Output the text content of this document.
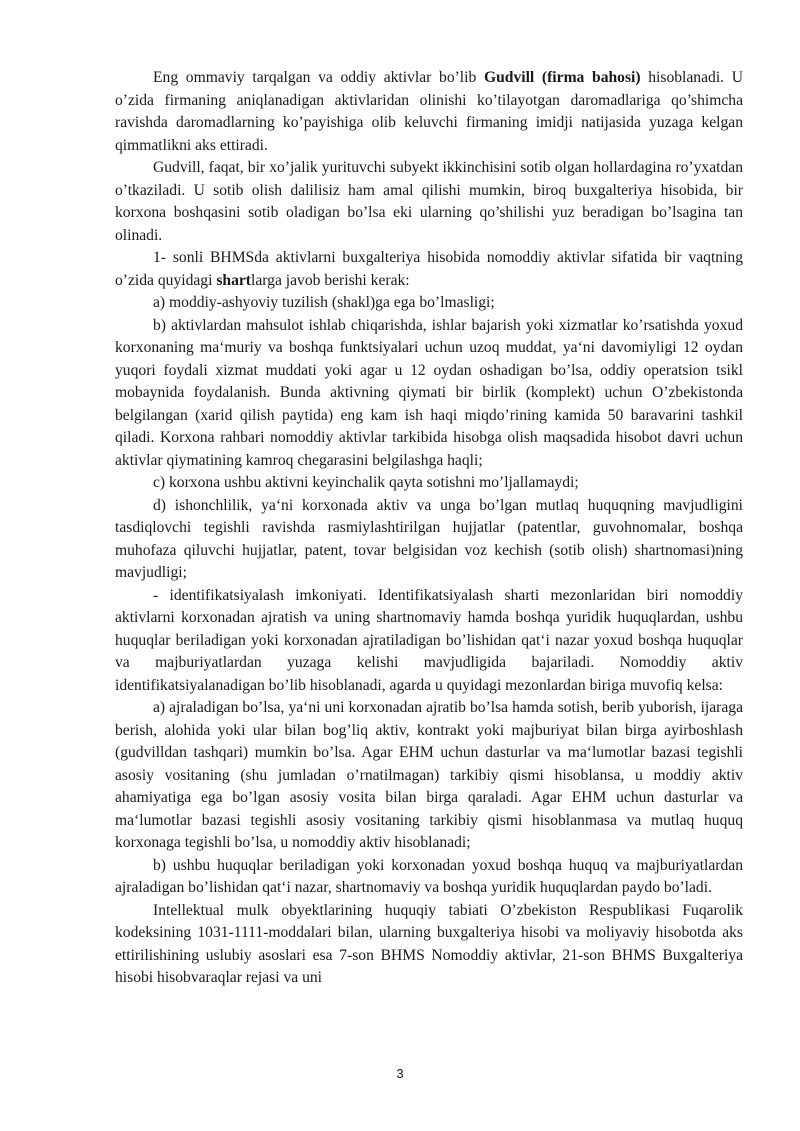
Eng ommaviy tarqalgan va oddiy aktivlar bo’lib Gudvill (firma bahosi) hisoblanadi. U o’zida firmaning aniqlanadigan aktivlaridan olinishi ko’tilayotgan daromadlariga qo’shimcha ravishda daromadlarning ko’payishiga olib keluvchi firmaning imidji natijasida yuzaga kelgan qimmatlikni aks ettiradi.

Gudvill, faqat, bir xo’jalik yurituvchi subyekt ikkinchisini sotib olgan hollardagina ro’yxatdan o’tkaziladi. U sotib olish dalilisiz ham amal qilishi mumkin, biroq buxgalteriya hisobida, bir korxona boshqasini sotib oladigan bo’lsa eki ularning qo’shilishi yuz beradigan bo’lsagina tan olinadi.

1- sonli BHMSda aktivlarni buxgalteriya hisobida nomoddiy aktivlar sifatida bir vaqtning o’zida quyidagi shartlarga javob berishi kerak:

a) moddiy-ashyoviy tuzilish (shakl)ga ega bo’lmasligi;

b) aktivlardan mahsulot ishlab chiqarishda, ishlar bajarish yoki xizmatlar ko’rsatishda yoxud korxonaning ma‘muriy va boshqa funktsiyalari uchun uzoq muddat, ya‘ni davomiyligi 12 oydan yuqori foydali xizmat muddati yoki agar u 12 oydan oshadigan bo’lsa, oddiy operatsion tsikl mobaynida foydalanish. Bunda aktivning qiymati bir birlik (komplekt) uchun O’zbekistonda belgilangan (xarid qilish paytida) eng kam ish haqi miqdo’rining kamida 50 baravarini tashkil qiladi. Korxona rahbari nomoddiy aktivlar tarkibida hisobga olish maqsadida hisobot davri uchun aktivlar qiymatining kamroq chegarasini belgilashga haqli;

c) korxona ushbu aktivni keyinchalik qayta sotishni mo’ljallamaydi;

d) ishonchlilik, ya‘ni korxonada aktiv va unga bo’lgan mutlaq huquqning mavjudligini tasdiqlovchi tegishli ravishda rasmiylashtirilgan hujjatlar (patentlar, guvohnomalar, boshqa muhofaza qiluvchi hujjatlar, patent, tovar belgisidan voz kechish (sotib olish) shartnomasi)ning mavjudligi;

- identifikatsiyalash imkoniyati. Identifikatsiyalash sharti mezonlaridan biri nomoddiy aktivlarni korxonadan ajratish va uning shartnomaviy hamda boshqa yuridik huquqlardan, ushbu huquqlar beriladigan yoki korxonadan ajratiladigan bo’lishidan qat‘i nazar yoxud boshqa huquqlar va majburiyatlardan yuzaga kelishi mavjudligida bajariladi. Nomoddiy aktiv identifikatsiyalanadigan bo’lib hisoblanadi, agarda u quyidagi mezonlardan biriga muvofiq kelsa:

a) ajraladigan bo’lsa, ya‘ni uni korxonadan ajratib bo’lsa hamda sotish, berib yuborish, ijaraga berish, alohida yoki ular bilan bog’liq aktiv, kontrakt yoki majburiyat bilan birga ayirboshlash (gudvilldan tashqari) mumkin bo’lsa. Agar EHM uchun dasturlar va ma‘lumotlar bazasi tegishli asosiy vositaning (shu jumladan o’rnatilmagan) tarkibiy qismi hisoblansa, u moddiy aktiv ahamiyatiga ega bo’lgan asosiy vosita bilan birga qaraladi. Agar EHM uchun dasturlar va ma‘lumotlar bazasi tegishli asosiy vositaning tarkibiy qismi hisoblanmasa va mutlaq huquq korxonaga tegishli bo’lsa, u nomoddiy aktiv hisoblanadi;

b) ushbu huquqlar beriladigan yoki korxonadan yoxud boshqa huquq va majburiyatlardan ajraladigan bo’lishidan qat‘i nazar, shartnomaviy va boshqa yuridik huquqlardan paydo bo’ladi.

Intellektual mulk obyektlarining huquqiy tabiati O’zbekiston Respublikasi Fuqarolik kodeksining 1031-1111-moddalari bilan, ularning buxgalteriya hisobi va moliyaviy hisobotda aks ettirilishining uslubiy asoslari esa 7-son BHMS Nomoddiy aktivlar, 21-son BHMS Buxgalteriya hisobi hisobvaraqlar rejasi va uni

3
